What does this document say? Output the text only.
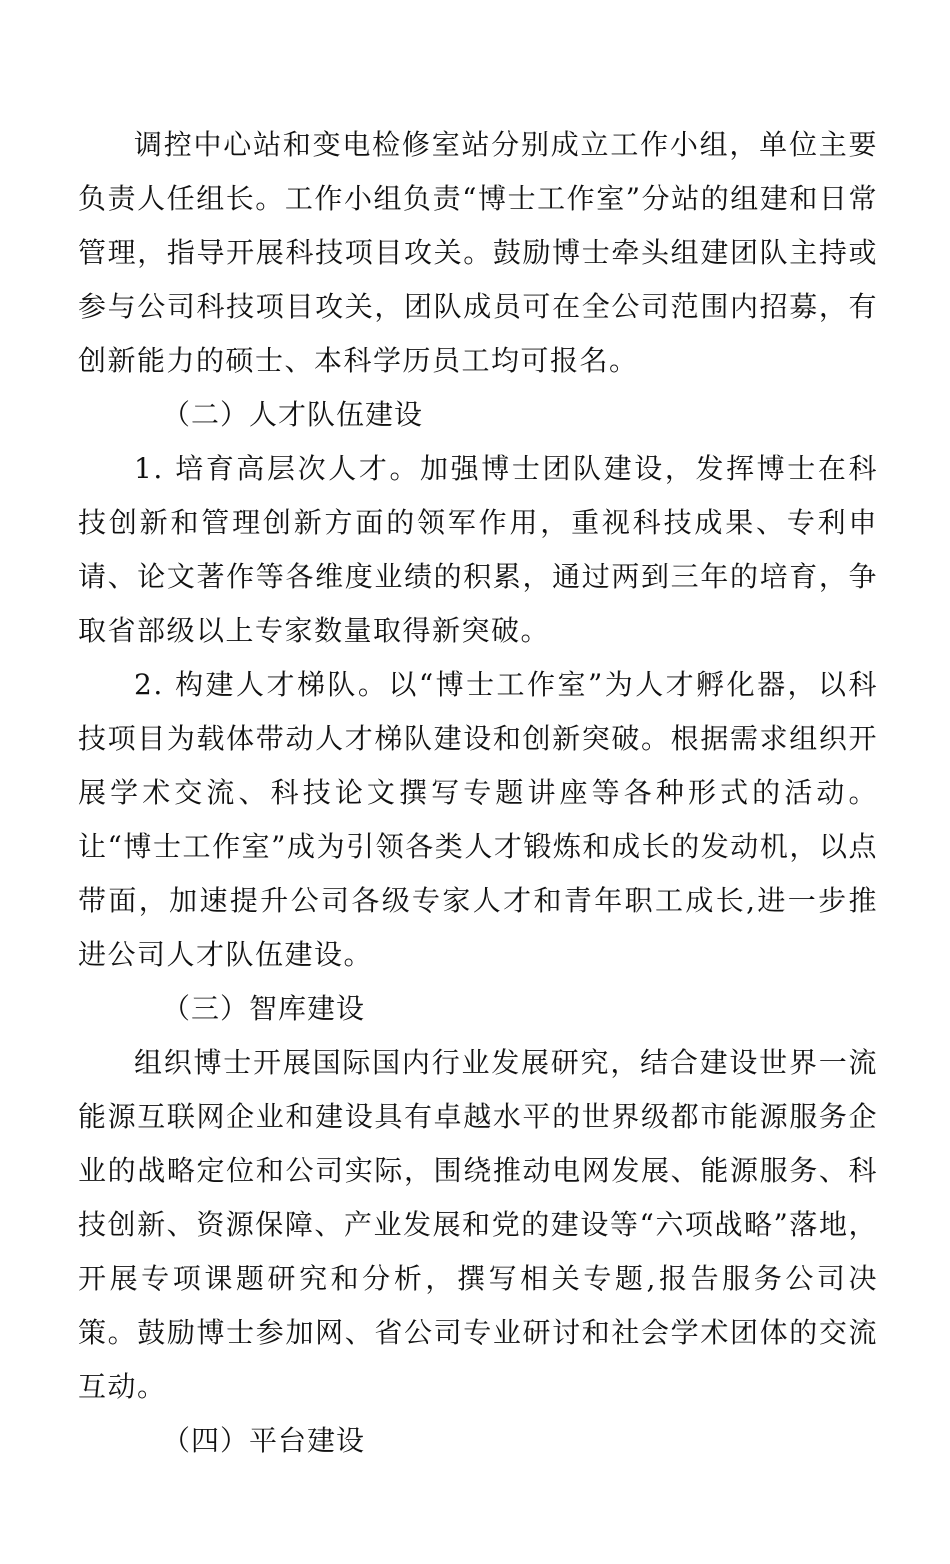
调控中心站和变电检修室站分别成立工作小组，单位主要负责人任组长。工作小组负责“博士工作室”分站的组建和日常管理，指导开展科技项目攻关。鼓励博士牵头组建团队主持或参与公司科技项目攻关，团队成员可在全公司范围内招募，有创新能力的硕士、本科学历员工均可报名。

（二）人才队伍建设

1. 培育高层次人才。加强博士团队建设，发挥博士在科技创新和管理创新方面的领军作用，重视科技成果、专利申请、论文著作等各维度业绩的积累，通过两到三年的培育，争取省部级以上专家数量取得新突破。

2. 构建人才梯队。以“博士工作室”为人才孵化器，以科技项目为载体带动人才梯队建设和创新突破。根据需求组织开展学术交流、科技论文撰写专题讲座等各种形式的活动。让“博士工作室”成为引领各类人才锻炼和成长的发动机，以点带面，加速提升公司各级专家人才和青年职工成长,进一步推进公司人才队伍建设。

（三）智库建设

组织博士开展国际国内行业发展研究，结合建设世界一流能源互联网企业和建设具有卓越水平的世界级都市能源服务企业的战略定位和公司实际，围绕推动电网发展、能源服务、科技创新、资源保障、产业发展和党的建设等“六项战略”落地，开展专项课题研究和分析，撰写相关专题,报告服务公司决策。鼓励博士参加网、省公司专业研讨和社会学术团体的交流互动。

（四）平台建设
